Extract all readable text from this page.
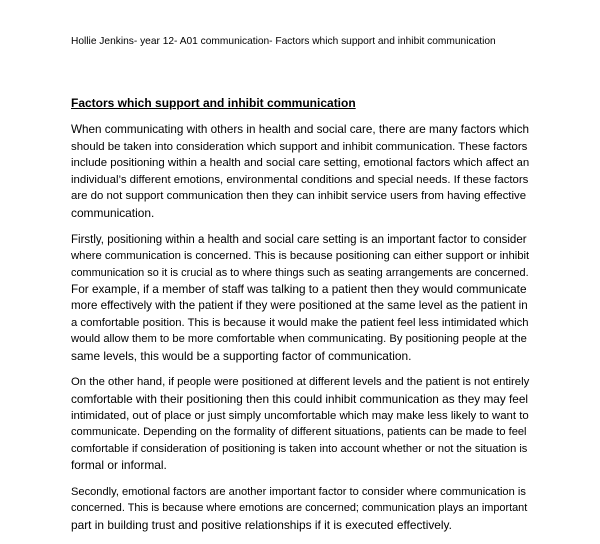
Hollie Jenkins- year 12- A01 communication- Factors which support and inhibit communication
Factors which support and inhibit communication
When communicating with others in health and social care, there are many factors which
should be taken into consideration which support and inhibit communication. These factors
include positioning within a health and social care setting, emotional factors which affect an
individual’s different emotions, environmental conditions and special needs. If these factors
are do not support communication then they can inhibit service users from having effective
communication.
Firstly, positioning within a health and social care setting is an important factor to consider
where communication is concerned. This is because positioning can either support or inhibit
communication so it is crucial as to where things such as seating arrangements are concerned.
For example, if a member of staff was talking to a patient then they would communicate
more effectively with the patient if they were positioned at the same level as the patient in
a comfortable position. This is because it would make the patient feel less intimidated which
would allow them to be more comfortable when communicating. By positioning people at the
same levels, this would be a supporting factor of communication.
On the other hand, if people were positioned at different levels and the patient is not entirely
comfortable with their positioning then this could inhibit communication as they may feel
intimidated, out of place or just simply uncomfortable which may make less likely to want to
communicate. Depending on the formality of different situations, patients can be made to feel
comfortable if consideration of positioning is taken into account whether or not the situation is
formal or informal.
Secondly, emotional factors are another important factor to consider where communication is
concerned. This is because where emotions are concerned; communication plays an important
part in building trust and positive relationships if it is executed effectively.
